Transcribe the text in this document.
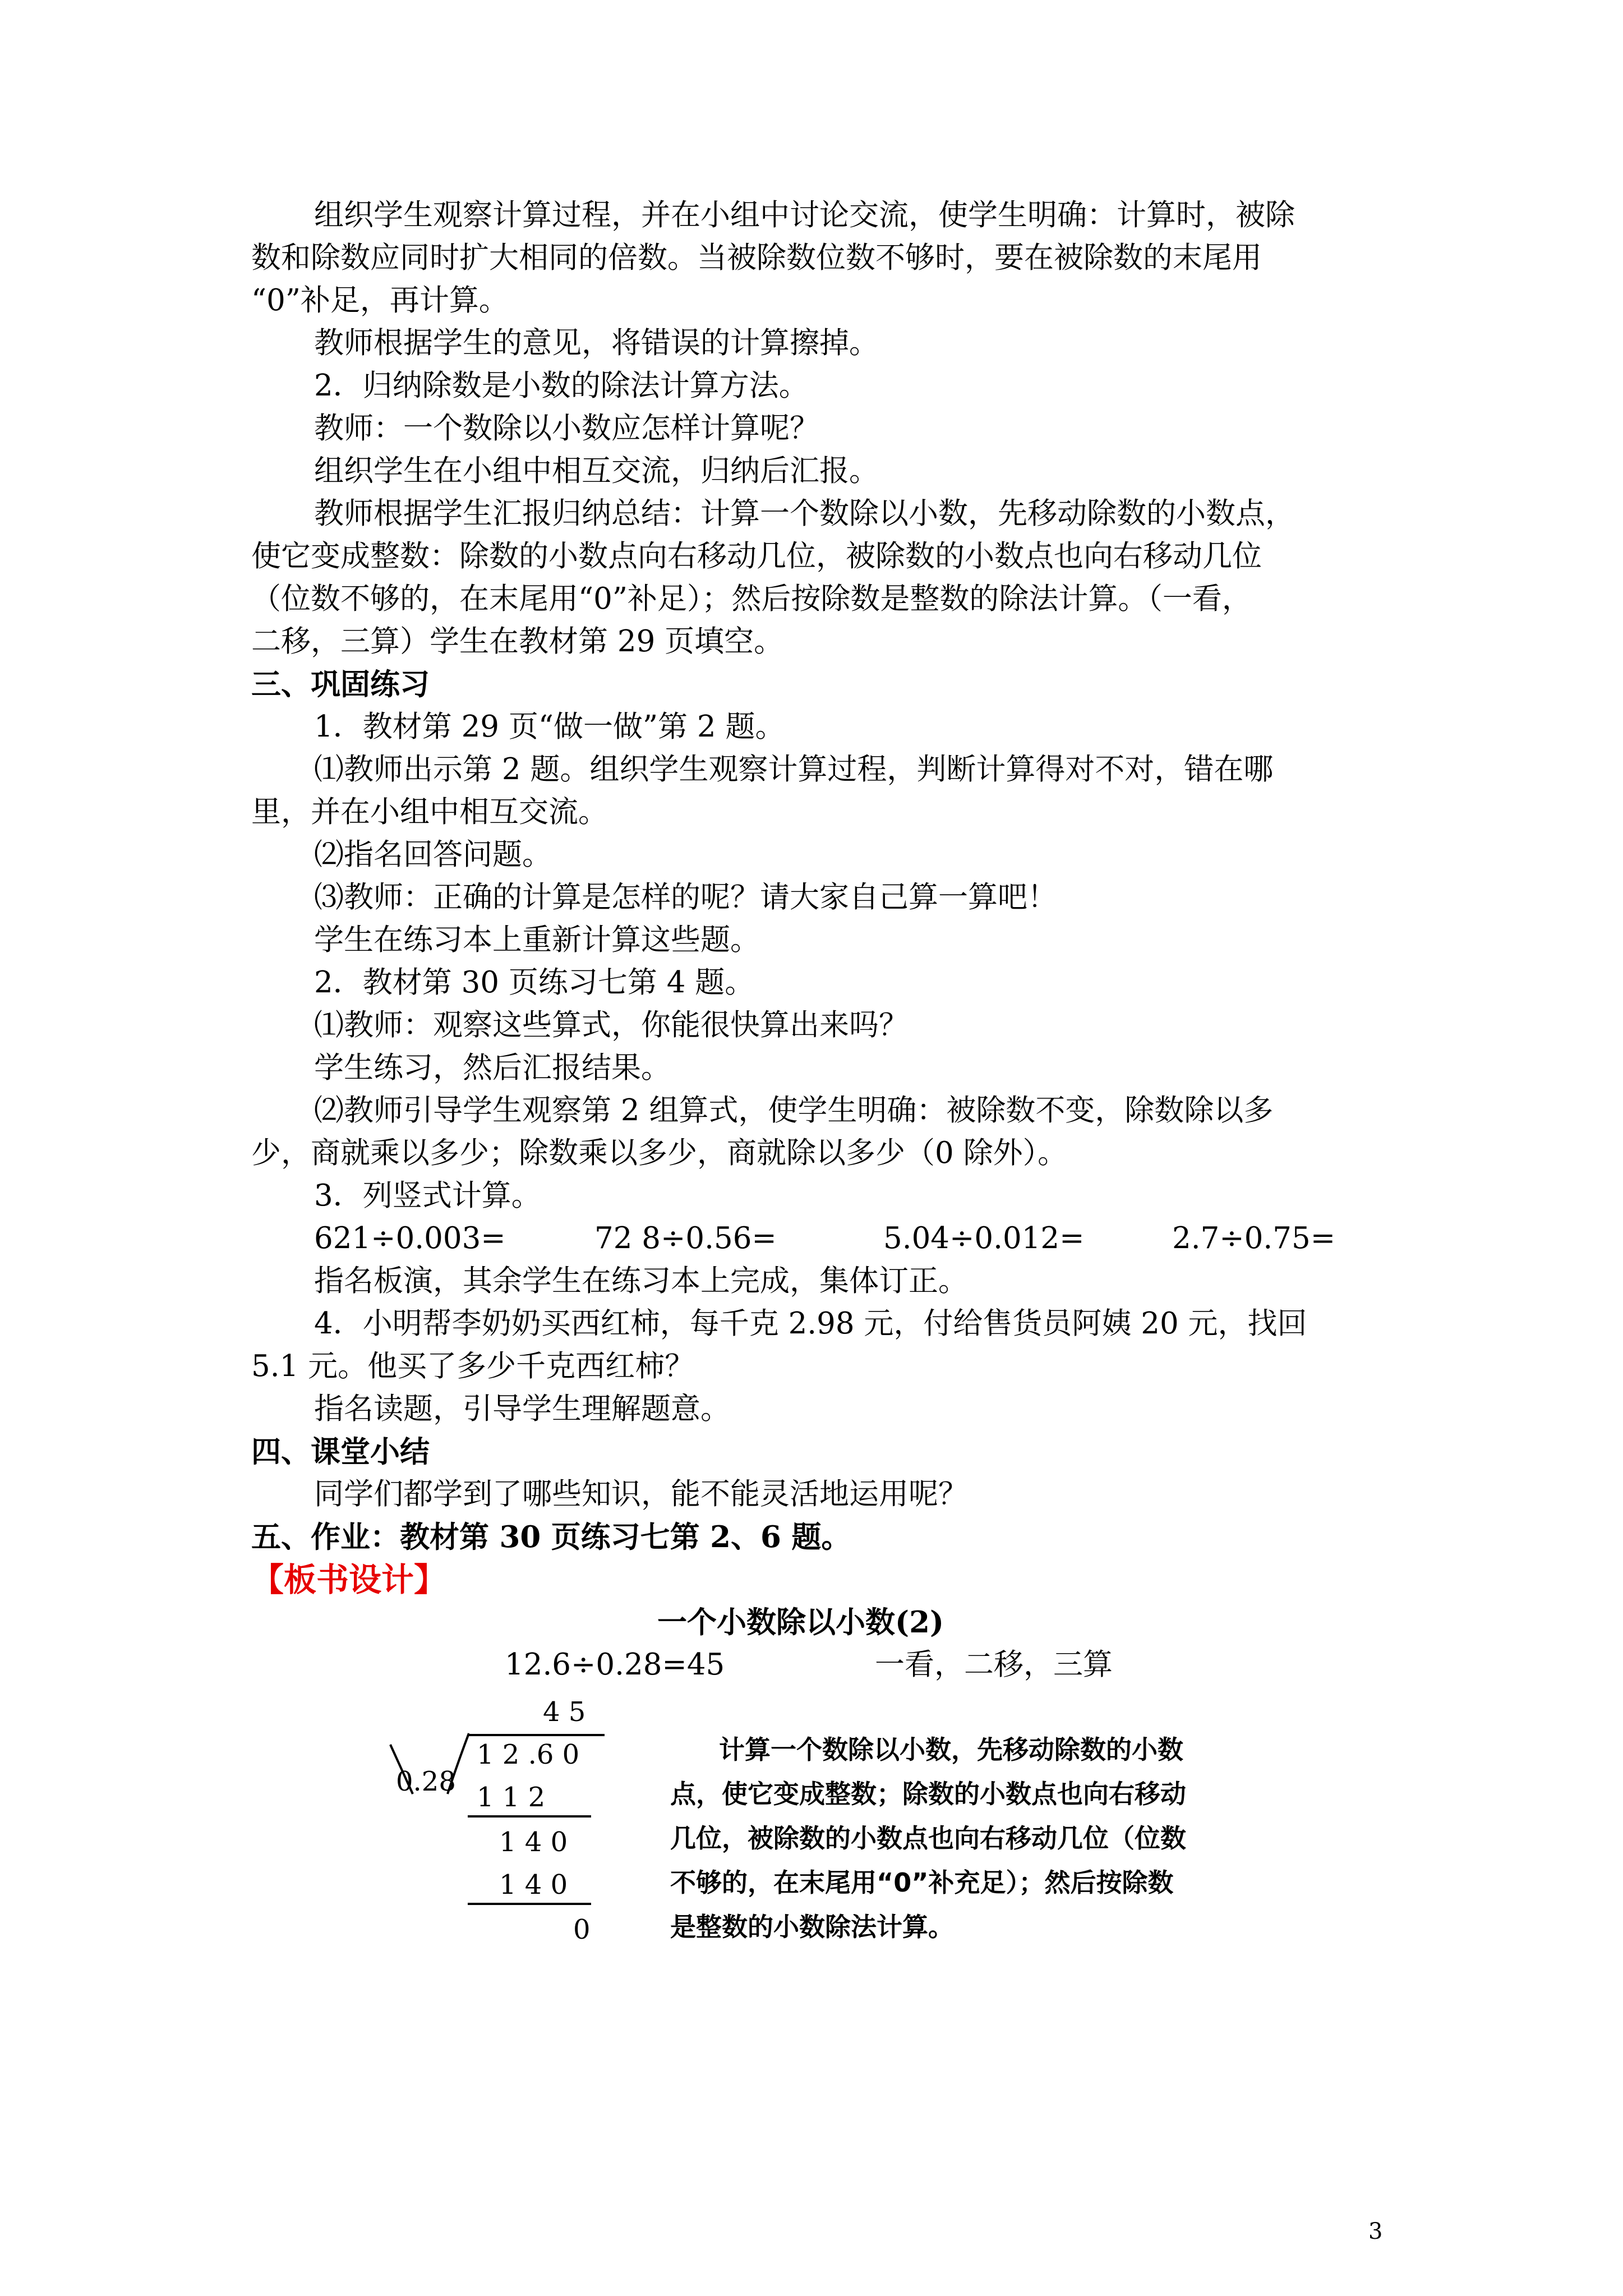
组织学生观察计算过程，并在小组中讨论交流，使学生明确：计算时，被除
数和除数应同时扩大相同的倍数。当被除数位数不够时，要在被除数的末尾用
“0”补足，再计算。
教师根据学生的意见，将错误的计算擦掉。
2．归纳除数是小数的除法计算方法。
教师：一个数除以小数应怎样计算呢？
组织学生在小组中相互交流，归纳后汇报。
教师根据学生汇报归纳总结：计算一个数除以小数，先移动除数的小数点，
使它变成整数：除数的小数点向右移动几位，被除数的小数点也向右移动几位
（位数不够的，在末尾用“0”补足）；然后按除数是整数的除法计算。（一看，
二移，三算）学生在教材第 29 页填空。
三、巩固练习
1．教材第 29 页“做一做”第 2 题。
⑴教师出示第 2 题。组织学生观察计算过程，判断计算得对不对，错在哪
里，并在小组中相互交流。
⑵指名回答问题。
⑶教师：正确的计算是怎样的呢？请大家自己算一算吧！
学生在练习本上重新计算这些题。
2．教材第 30 页练习七第 4 题。
⑴教师：观察这些算式，你能很快算出来吗？
学生练习，然后汇报结果。
⑵教师引导学生观察第 2 组算式，使学生明确：被除数不变，除数除以多
少，商就乘以多少；除数乘以多少，商就除以多少（0 除外）。
3．列竖式计算。
621÷0.003=	72 8÷0.56=	5.04÷0.012=	2.7÷0.75=
指名板演，其余学生在练习本上完成，集体订正。
4．小明帮李奶奶买西红柿，每千克 2.98 元，付给售货员阿姨 20 元，找回
5.1 元。他买了多少千克西红柿？
指名读题，引导学生理解题意。
四、课堂小结
同学们都学到了哪些知识，能不能灵活地运用呢？
五、作业：教材第 30 页练习七第 2、6 题。
【板书设计】
一个小数除以小数(2)
12.6÷0.28=45	一看，二移，三算
4 5
0.28
1 2 .6 0
1 1 2
1 4 0
1 4 0
0
计算一个数除以小数，先移动除数的小数
点，使它变成整数；除数的小数点也向右移动
几位，被除数的小数点也向右移动几位（位数
不够的，在末尾用“0”补充足）；然后按除数
是整数的小数除法计算。
3
